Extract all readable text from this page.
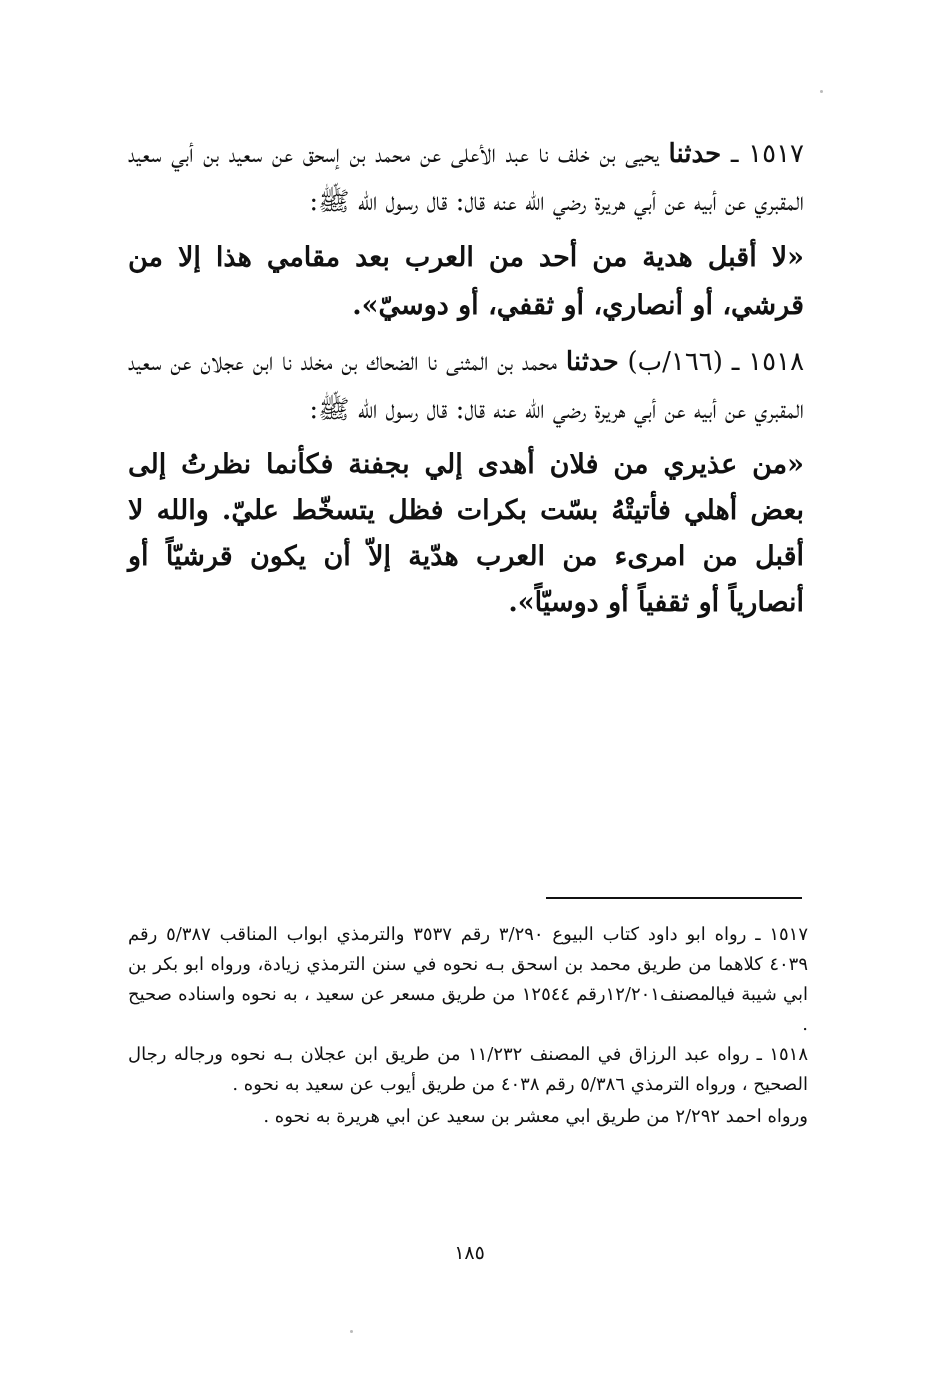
١٥١٧ ـ حدثنا يحيى بن خلف نا عبد الأعلى عن محمد بن إسحق عن سعيد بن أبي سعيد المقبري عن أبيه عن أبي هريرة رضي الله عنه قال: قال رسول الله ﷺ:

«لا أقبل هدية من أحد من العرب بعد مقامي هذا إلا من قرشي، أو أنصاري، أو ثقفي، أو دوسيّ».

١٥١٨ ـ (١٦٦/ب) حدثنا محمد بن المثنى نا الضحاك بن مخلد نا ابن عجلان عن سعيد المقبري عن أبيه عن أبي هريرة رضي الله عنه قال: قال رسول الله ﷺ:

«من عذيري من فلان أهدى إلي بجفنة فكأنما نظرتُ إلى بعض أهلي فأتيتْهُ بسّت بكرات فظل يتسخّط عليّ. والله لا أقبل من امرىء من العرب هدّية إلاّ أن يكون قرشيّاً أو أنصارياً أو ثقفياً أو دوسيّاً».

١٥١٧ ـ رواه ابو داود كتاب البيوع ٣/٢٩٠ رقم ٣٥٣٧ والترمذي ابواب المناقب ٥/٣٨٧ رقم ٤٠٣٩ كلاهما من طريق محمد بن اسحق بـه نحوه في سنن الترمذي زيادة، ورواه ابو بكر بن ابي شيبة فيالمصنف١٢/٢٠١رقم ١٢٥٤٤ من طريق مسعر عن سعيد ، به نحوه واسناده صحيح .

١٥١٨ ـ رواه عبد الرزاق في المصنف ١١/٢٣٢ من طريق ابن عجلان بـه نحوه ورجاله رجال الصحيح ، ورواه الترمذي ٥/٣٨٦ رقم ٤٠٣٨ من طريق أيوب عن سعيد به نحوه .

ورواه احمد ٢/٢٩٢ من طريق ابي معشر بن سعيد عن ابي هريرة به نحوه .

١٨٥
